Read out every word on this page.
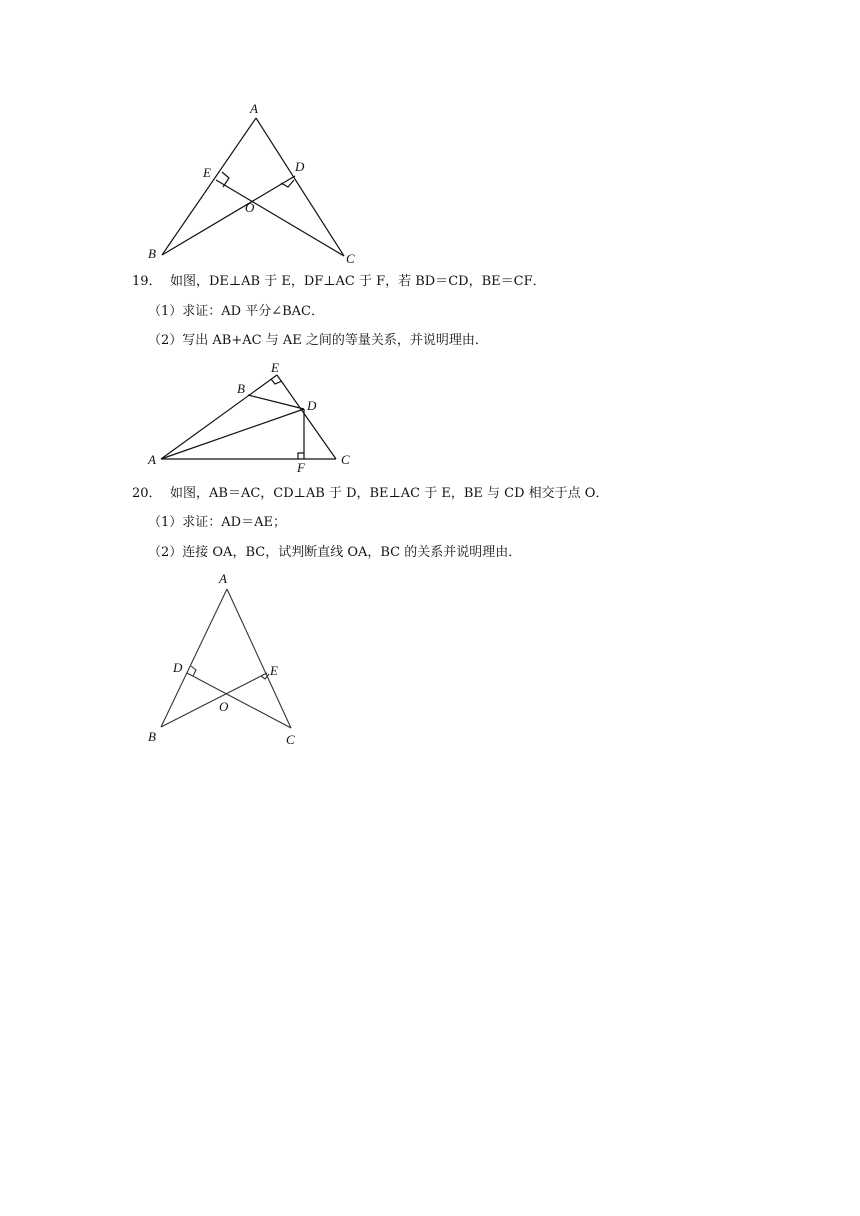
A
E	D
O
B	C
19． 如图，DE⊥AB 于 E，DF⊥AC 于 F，若 BD＝CD，BE＝CF．
（1）求证：AD 平分∠BAC．
（2）写出 AB+AC 与 AE 之间的等量关系，并说明理由．
E
B
D
A
F
C
20． 如图，AB＝AC，CD⊥AB 于 D，BE⊥AC 于 E，BE 与 CD 相交于点 O．
（1）求证：AD＝AE；
（2）连接 OA，BC，试判断直线 OA，BC 的关系并说明理由．
A
D	E
O
B	C
